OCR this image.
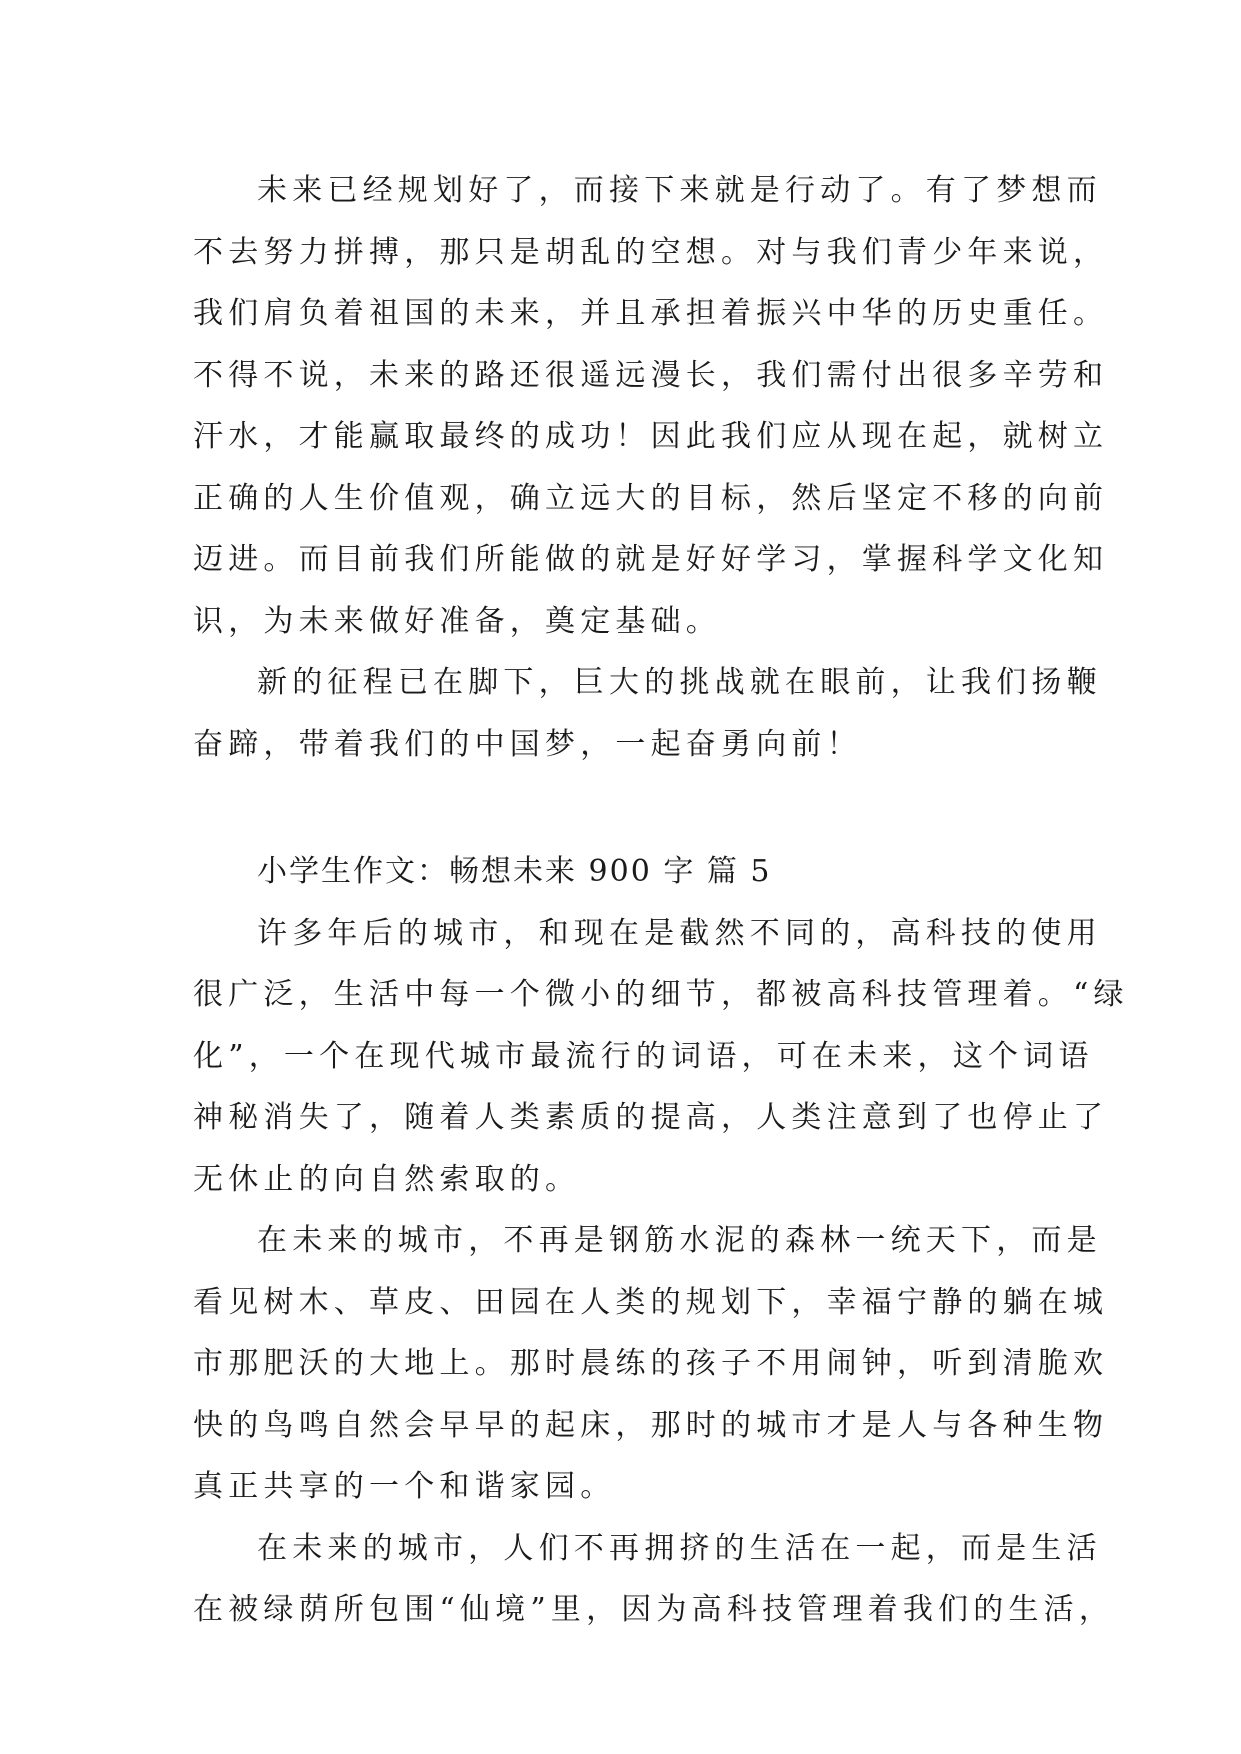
未来已经规划好了，而接下来就是行动了。有了梦想而
不去努力拼搏，那只是胡乱的空想。对与我们青少年来说，
我们肩负着祖国的未来，并且承担着振兴中华的历史重任。
不得不说，未来的路还很遥远漫长，我们需付出很多辛劳和
汗水，才能赢取最终的成功！因此我们应从现在起，就树立
正确的人生价值观，确立远大的目标，然后坚定不移的向前
迈进。而目前我们所能做的就是好好学习，掌握科学文化知
识，为未来做好准备，奠定基础。
新的征程已在脚下，巨大的挑战就在眼前，让我们扬鞭
奋蹄，带着我们的中国梦，一起奋勇向前！
小学生作文：畅想未来 900 字 篇 5
许多年后的城市，和现在是截然不同的，高科技的使用
很广泛，生活中每一个微小的细节，都被高科技管理着。“绿
化”，一个在现代城市最流行的词语，可在未来，这个词语
神秘消失了，随着人类素质的提高，人类注意到了也停止了
无休止的向自然索取的。
在未来的城市，不再是钢筋水泥的森林一统天下，而是
看见树木、草皮、田园在人类的规划下，幸福宁静的躺在城
市那肥沃的大地上。那时晨练的孩子不用闹钟，听到清脆欢
快的鸟鸣自然会早早的起床，那时的城市才是人与各种生物
真正共享的一个和谐家园。
在未来的城市，人们不再拥挤的生活在一起，而是生活
在被绿荫所包围“仙境”里，因为高科技管理着我们的生活，
